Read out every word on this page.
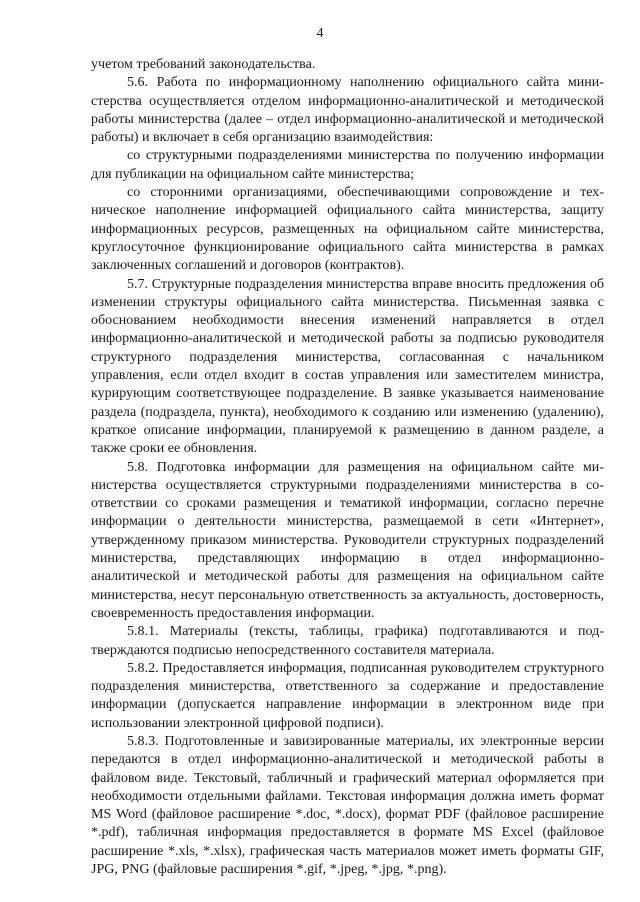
4

учетом требований законодательства.

5.6. Работа по информационному наполнению официального сайта министерства осуществляется отделом информационно-аналитической и методической работы министерства (далее – отдел информационно-аналитической и методической работы) и включает в себя организацию взаимодействия:

со структурными подразделениями министерства по получению информации для публикации на официальном сайте министерства;

со сторонними организациями, обеспечивающими сопровождение и техническое наполнение информацией официального сайта министерства, защиту информационных ресурсов, размещенных на официальном сайте министерства, круглосуточное функционирование официального сайта министерства в рамках заключенных соглашений и договоров (контрактов).

5.7. Структурные подразделения министерства вправе вносить предложения об изменении структуры официального сайта министерства. Письменная заявка с обоснованием необходимости внесения изменений направляется в отдел информационно-аналитической и методической работы за подписью руководителя структурного подразделения министерства, согласованная с начальником управления, если отдел входит в состав управления или заместителем министра, курирующим соответствующее подразделение. В заявке указывается наименование раздела (подраздела, пункта), необходимого к созданию или изменению (удалению), краткое описание информации, планируемой к размещению в данном разделе, а также сроки ее обновления.

5.8. Подготовка информации для размещения на официальном сайте министерства осуществляется структурными подразделениями министерства в соответствии со сроками размещения и тематикой информации, согласно перечне информации о деятельности министерства, размещаемой в сети «Интернет», утвержденному приказом министерства. Руководители структурных подразделений министерства, представляющих информацию в отдел информационно-аналитической и методической работы для размещения на официальном сайте министерства, несут персональную ответственность за актуальность, достоверность, своевременность предоставления информации.

5.8.1. Материалы (тексты, таблицы, графика) подготавливаются и подтверждаются подписью непосредственного составителя материала.

5.8.2. Предоставляется информация, подписанная руководителем структурного подразделения министерства, ответственного за содержание и предоставление информации (допускается направление информации в электронном виде при использовании электронной цифровой подписи).

5.8.3. Подготовленные и завизированные материалы, их электронные версии передаются в отдел информационно-аналитической и методической работы в файловом виде. Текстовый, табличный и графический материал оформляется при необходимости отдельными файлами. Текстовая информация должна иметь формат MS Word (файловое расширение *.doc, *.docx), формат PDF (файловое расширение *.pdf), табличная информация предоставляется в формате MS Excel (файловое расширение *.xls, *.xlsx), графическая часть материалов может иметь форматы GIF, JPG, PNG (файловые расширения *.gif, *.jpeg, *.jpg, *.png).
